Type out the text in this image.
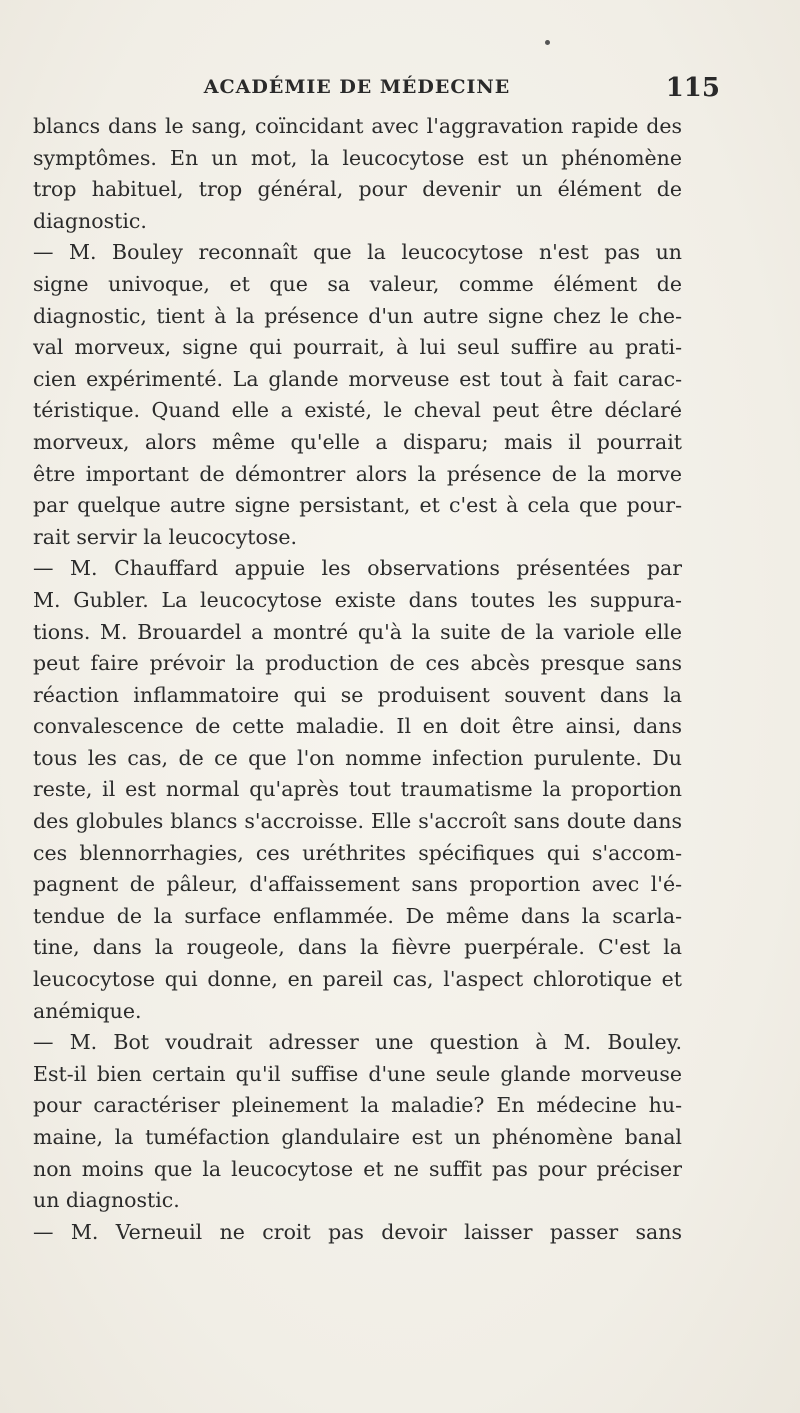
ACADÉMIE DE MÉDECINE	115
blancs dans le sang, coïncidant avec l'aggravation rapide des
symptômes. En un mot, la leucocytose est un phénomène
trop habituel, trop général, pour devenir un élément de
diagnostic.
— M. Bouley reconnaît que la leucocytose n'est pas un
signe univoque, et que sa valeur, comme élément de
diagnostic, tient à la présence d'un autre signe chez le che-
val morveux, signe qui pourrait, à lui seul suffire au prati-
cien expérimenté. La glande morveuse est tout à fait carac-
téristique. Quand elle a existé, le cheval peut être déclaré
morveux, alors même qu'elle a disparu; mais il pourrait
être important de démontrer alors la présence de la morve
par quelque autre signe persistant, et c'est à cela que pour-
rait servir la leucocytose.
— M. Chauffard appuie les observations présentées par
M. Gubler. La leucocytose existe dans toutes les suppura-
tions. M. Brouardel a montré qu'à la suite de la variole elle
peut faire prévoir la production de ces abcès presque sans
réaction inflammatoire qui se produisent souvent dans la
convalescence de cette maladie. Il en doit être ainsi, dans
tous les cas, de ce que l'on nomme infection purulente. Du
reste, il est normal qu'après tout traumatisme la proportion
des globules blancs s'accroisse. Elle s'accroît sans doute dans
ces blennorrhagies, ces uréthrites spécifiques qui s'accom-
pagnent de pâleur, d'affaissement sans proportion avec l'é-
tendue de la surface enflammée. De même dans la scarla-
tine, dans la rougeole, dans la fièvre puerpérale. C'est la
leucocytose qui donne, en pareil cas, l'aspect chlorotique et
anémique.
— M. Bot voudrait adresser une question à M. Bouley.
Est-il bien certain qu'il suffise d'une seule glande morveuse
pour caractériser pleinement la maladie? En médecine hu-
maine, la tuméfaction glandulaire est un phénomène banal
non moins que la leucocytose et ne suffit pas pour préciser
un diagnostic.
— M. Verneuil ne croit pas devoir laisser passer sans
